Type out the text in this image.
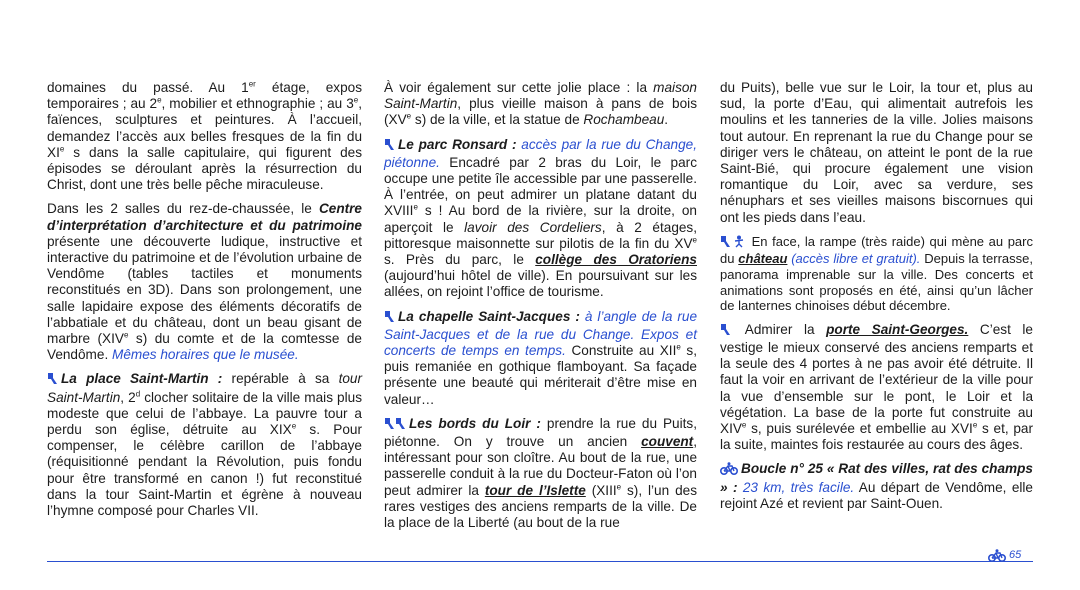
domaines du passé. Au 1er étage, expos temporaires ; au 2e, mobilier et ethnographie ; au 3e, faïences, sculptures et peintures. À l’accueil, demandez l’accès aux belles fresques de la fin du XIe s dans la salle capitulaire, qui figurent des épisodes se déroulant après la résurrection du Christ, dont une très belle pêche miraculeuse.

Dans les 2 salles du rez-de-chaussée, le Centre d’interprétation d’architecture et du patrimoine présente une découverte ludique, instructive et interactive du patrimoine et de l’évolution urbaine de Vendôme (tables tactiles et monuments reconstitués en 3D). Dans son prolongement, une salle lapidaire expose des éléments décoratifs de l’abbatiale et du château, dont un beau gisant de marbre (XIVe s) du comte et de la comtesse de Vendôme. Mêmes horaires que le musée.

La place Saint-Martin : repérable à sa tour Saint-Martin, 2$^d$ clocher solitaire de la ville mais plus modeste que celui de l’abbaye. La pauvre tour a perdu son église, détruite au XIXe s. Pour compenser, le célèbre carillon de l’abbaye (réquisitionné pendant la Révolution, puis fondu pour être transformé en canon !) fut reconstitué dans la tour Saint-Martin et égrène à nouveau l’hymne composé pour Charles VII.

À voir également sur cette jolie place : la maison Saint-Martin, plus vieille maison à pans de bois (XVe s) de la ville, et la statue de Rochambeau.

Le parc Ronsard : accès par la rue du Change, piétonne. Encadré par 2 bras du Loir, le parc occupe une petite île accessible par une passerelle. À l’entrée, on peut admirer un platane datant du XVIIIe s ! Au bord de la rivière, sur la droite, on aperçoit le lavoir des Cordeliers, à 2 étages, pittoresque maisonnette sur pilotis de la fin du XVe s. Près du parc, le collège des Oratoriens (aujourd’hui hôtel de ville). En poursuivant sur les allées, on rejoint l’office de tourisme.

La chapelle Saint-Jacques : à l’angle de la rue Saint-Jacques et de la rue du Change. Expos et concerts de temps en temps. Construite au XIIe s, puis remaniée en gothique flamboyant. Sa façade présente une beauté qui mériterait d’être mise en valeur…

Les bords du Loir : prendre la rue du Puits, piétonne. On y trouve un ancien couvent, intéressant pour son cloître. Au bout de la rue, une passerelle conduit à la rue du Docteur-Faton où l’on peut admirer la tour de l’Islette (XIIIe s), l’un des rares vestiges des anciens remparts de la ville. De la place de la Liberté (au bout de la rue

du Puits), belle vue sur le Loir, la tour et, plus au sud, la porte d’Eau, qui alimentait autrefois les moulins et les tanneries de la ville. Jolies maisons tout autour. En reprenant la rue du Change pour se diriger vers le château, on atteint le pont de la rue Saint-Bié, qui procure également une vision romantique du Loir, avec sa verdure, ses nénuphars et ses vieilles maisons biscornues qui ont les pieds dans l’eau.

En face, la rampe (très raide) qui mène au parc du château (accès libre et gratuit). Depuis la terrasse, panorama imprenable sur la ville. Des concerts et animations sont proposés en été, ainsi qu’un lâcher de lanternes chinoises début décembre.

Admirer la porte Saint-Georges. C’est le vestige le mieux conservé des anciens remparts et la seule des 4 portes à ne pas avoir été détruite. Il faut la voir en arrivant de l’extérieur de la ville pour la vue d’ensemble sur le pont, le Loir et la végétation. La base de la porte fut construite au XIVe s, puis surélevée et embellie au XVIe s et, par la suite, maintes fois restaurée au cours des âges.

Boucle n° 25 « Rat des villes, rat des champs » : 23 km, très facile. Au départ de Vendôme, elle rejoint Azé et revient par Saint-Ouen.

65
